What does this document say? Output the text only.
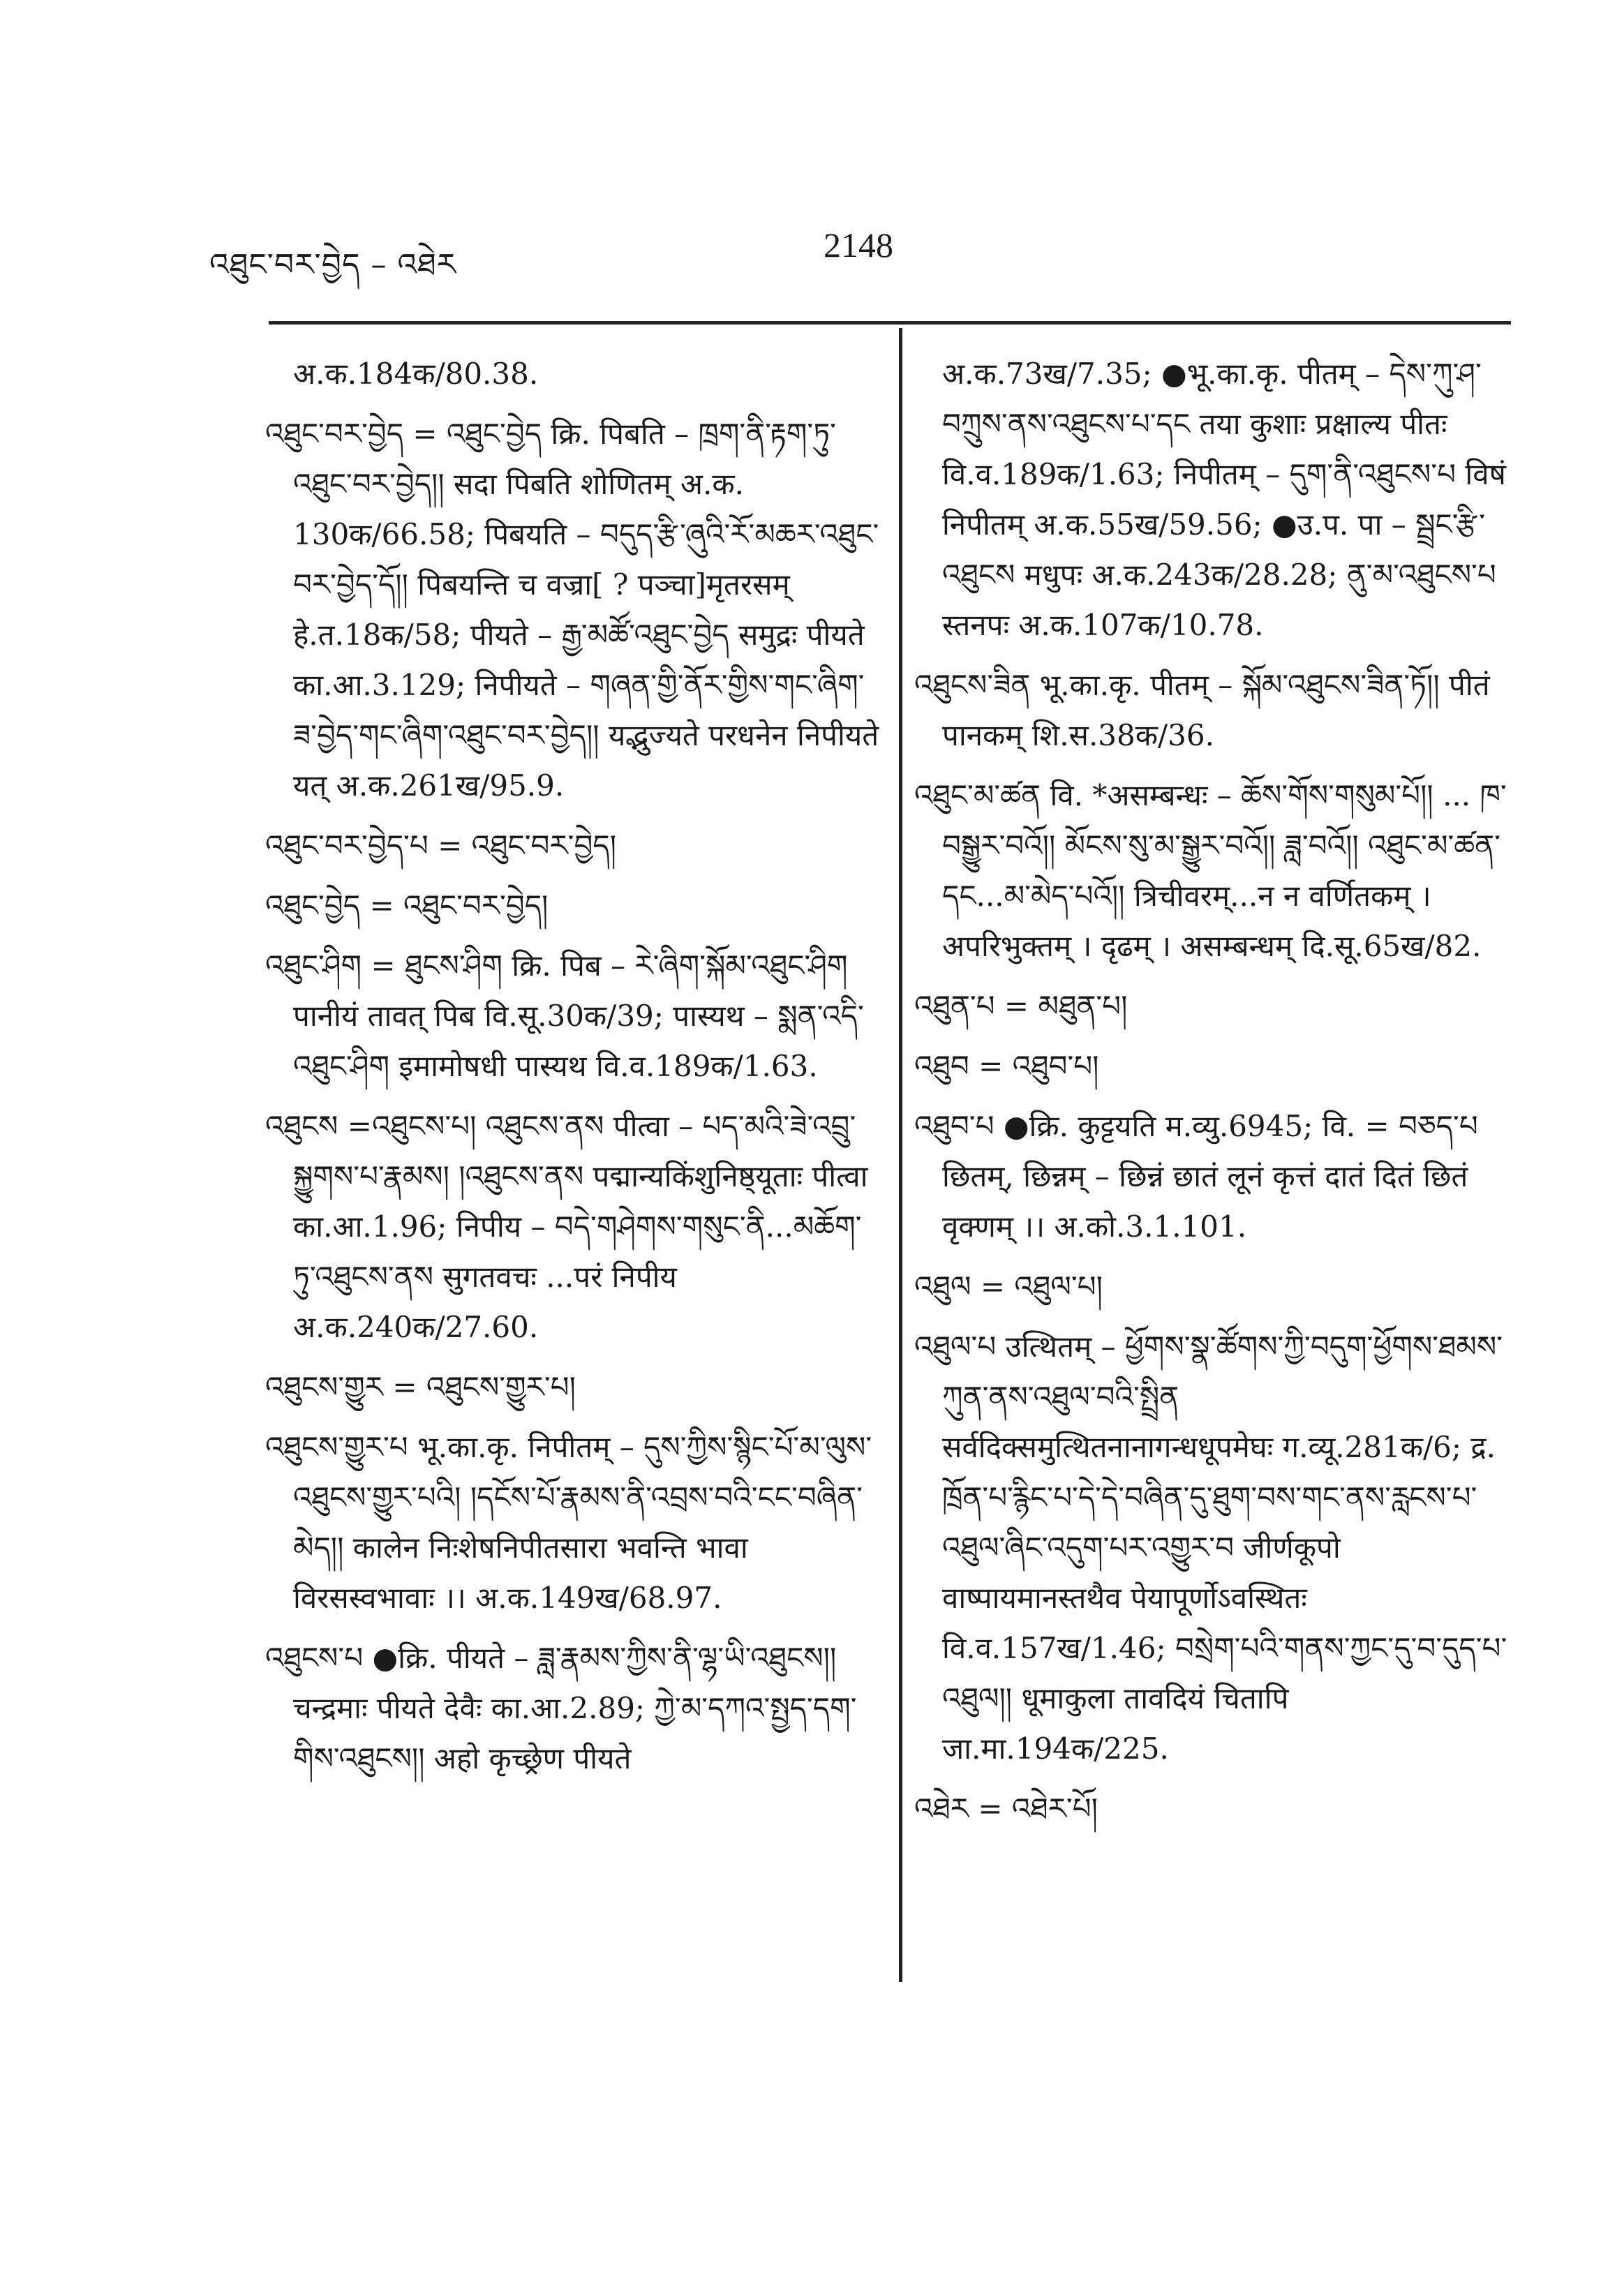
འཐུང་བར་བྱེད – འཐེར
2148

अ.क.184क/80.38.

འཐུང་བར་བྱེད = འཐུང་བྱེད क्रि. पिबति – ཁྲག་ནི་རྟག་ཏུ་འཐུང་བར་བྱེད།། सदा पिबति शोणितम् अ.क. 130क/66.58; पिबयति – བདུད་རྩི་ཞུའི་རོ་མཆར་འཐུང་བར་བྱེད་དོ།། पिबयन्ति च वज्रा[ ? पञ्चा]मृतरसम् हे.त.18क/58; पीयते – རྒྱ་མཚོ་འཐུང་བྱེད समुद्रः पीयते का.आ.3.129; निपीयते – གཞན་གྱི་ནོར་གྱིས་གང་ཞིག་ཟ་བྱེད་གང་ཞིག་འཐུང་བར་བྱེད།། यद्भुज्यते परधनेन निपीयते यत् अ.क.261ख/95.9.

འཐུང་བར་བྱེད་པ = འཐུང་བར་བྱེད།

འཐུང་བྱེད = འཐུང་བར་བྱེད།

འཐུང་ཤིག = ཐུངས་ཤིག क्रि. पिब – རེ་ཞིག་སྐོམ་འཐུང་ཤིག पानीयं तावत् पिब वि.सू.30क/39; पास्यथ – སྨན་འདི་འཐུང་ཤིག इमामोषधी पास्यथ वि.व.189क/1.63.

འཐུངས =འཐུངས་པ། འཐུངས་ནས पीत्वा – པད་མའི་ཟེ་འབྲུ་སྐྱུགས་པ་རྣམས། །འཐུངས་ནས पद्मान्यकिंशुनिष्ठ्यूताः पीत्वा का.आ.1.96; निपीय – བདེ་གཤེགས་གསུང་ནི...མཆོག་ཏུ་འཐུངས་ནས सुगतवचः ...परं निपीय अ.क.240क/27.60.

འཐུངས་གྱུར = འཐུངས་གྱུར་པ།

འཐུངས་གྱུར་པ भू.का.कृ. निपीतम् – དུས་ཀྱིས་སྙིང་པོ་མ་ལུས་འཐུངས་གྱུར་པའི། །དངོས་པོ་རྣམས་ནི་འབྲས་བའི་ངང་བཞིན་མེད།། कालेन निःशेषनिपीतसारा भवन्ति भावा विरसस्वभावाः ।। अ.क.149ख/68.97.

འཐུངས་པ ●क्रि. पीयते – ཟླ་རྣམས་ཀྱིས་ནི་ལྷ་ཡི་འཐུངས།། चन्द्रमाः पीयते देवैः का.आ.2.89; ཀྱེ་མ་དཀའ་སྤྱད་དག་གིས་འཐུངས།། अहो कृच्छ्रेण पीयते

अ.क.73ख/7.35; ●भू.का.कृ. पीतम् – དེས་ཀུ་ཤ་བཀྲུས་ནས་འཐུངས་པ་དང तया कुशाः प्रक्षाल्य पीतः वि.व.189क/1.63; निपीतम् – དུག་ནི་འཐུངས་པ विषं निपीतम् अ.क.55ख/59.56; ●उ.प. पा – སྦྲང་རྩི་འཐུངས मधुपः अ.क.243क/28.28; ནུ་མ་འཐུངས་པ स्तनपः अ.क.107क/10.78.

འཐུངས་ཟིན भू.का.कृ. पीतम् – སྐོམ་འཐུངས་ཟིན་ཏོ།། पीतं पानकम् शि.स.38क/36.

འཐུང་མ་ཚན वि. *असम्बन्धः – ཆོས་གོས་གསུམ་པོ།། ... ཁ་བསྒྱུར་བའོ།། མོངས་སུ་མ་སྒྱུར་བའོ།། ཟླ་བའོ།། འཐུང་མ་ཚན་དང...མ་མེད་པའོ།། त्रिचीवरम्...न न वर्णितकम् । अपरिभुक्तम् । दृढम् । असम्बन्धम् दि.सू.65ख/82.

འཐུན་པ = མཐུན་པ།

འཐུབ = འཐུབ་པ།

འཐུབ་པ ●क्रि. कुट्टयति म.व्यु.6945; वि. = བཅད་པ छितम्, छिन्नम् – छिन्नं छातं लूनं कृत्तं दातं दितं छितं वृक्णम् ।। अ.को.3.1.101.

འཐུལ = འཐུལ་པ།

འཐུལ་པ उत्थितम् – ཕྱོགས་སྣ་ཚོགས་ཀྱི་བདུག་ཕྱོགས་ཐམས་ཀུན་ནས་འཐུལ་བའི་སྤྲིན सर्वदिक्समुत्थितनानागन्धधूपमेघः ग.व्यू.281क/6; द्र. ཁྲོན་པ་རྙིང་པ་དེ་དེ་བཞིན་དུ་ཐུག་བས་གང་ནས་རླངས་པ་འཐུལ་ཞིང་འདུག་པར་འགྱུར་བ जीर्णकूपो वाष्पायमानस्तथैव पेयापूर्णोऽवस्थितः वि.व.157ख/1.46; བསྲེག་པའི་གནས་ཀྱང་དུ་བ་དུད་པ་འཐུལ།། धूमाकुला तावदियं चितापि जा.मा.194क/225.

འཐེར = འཐེར་པོ།
